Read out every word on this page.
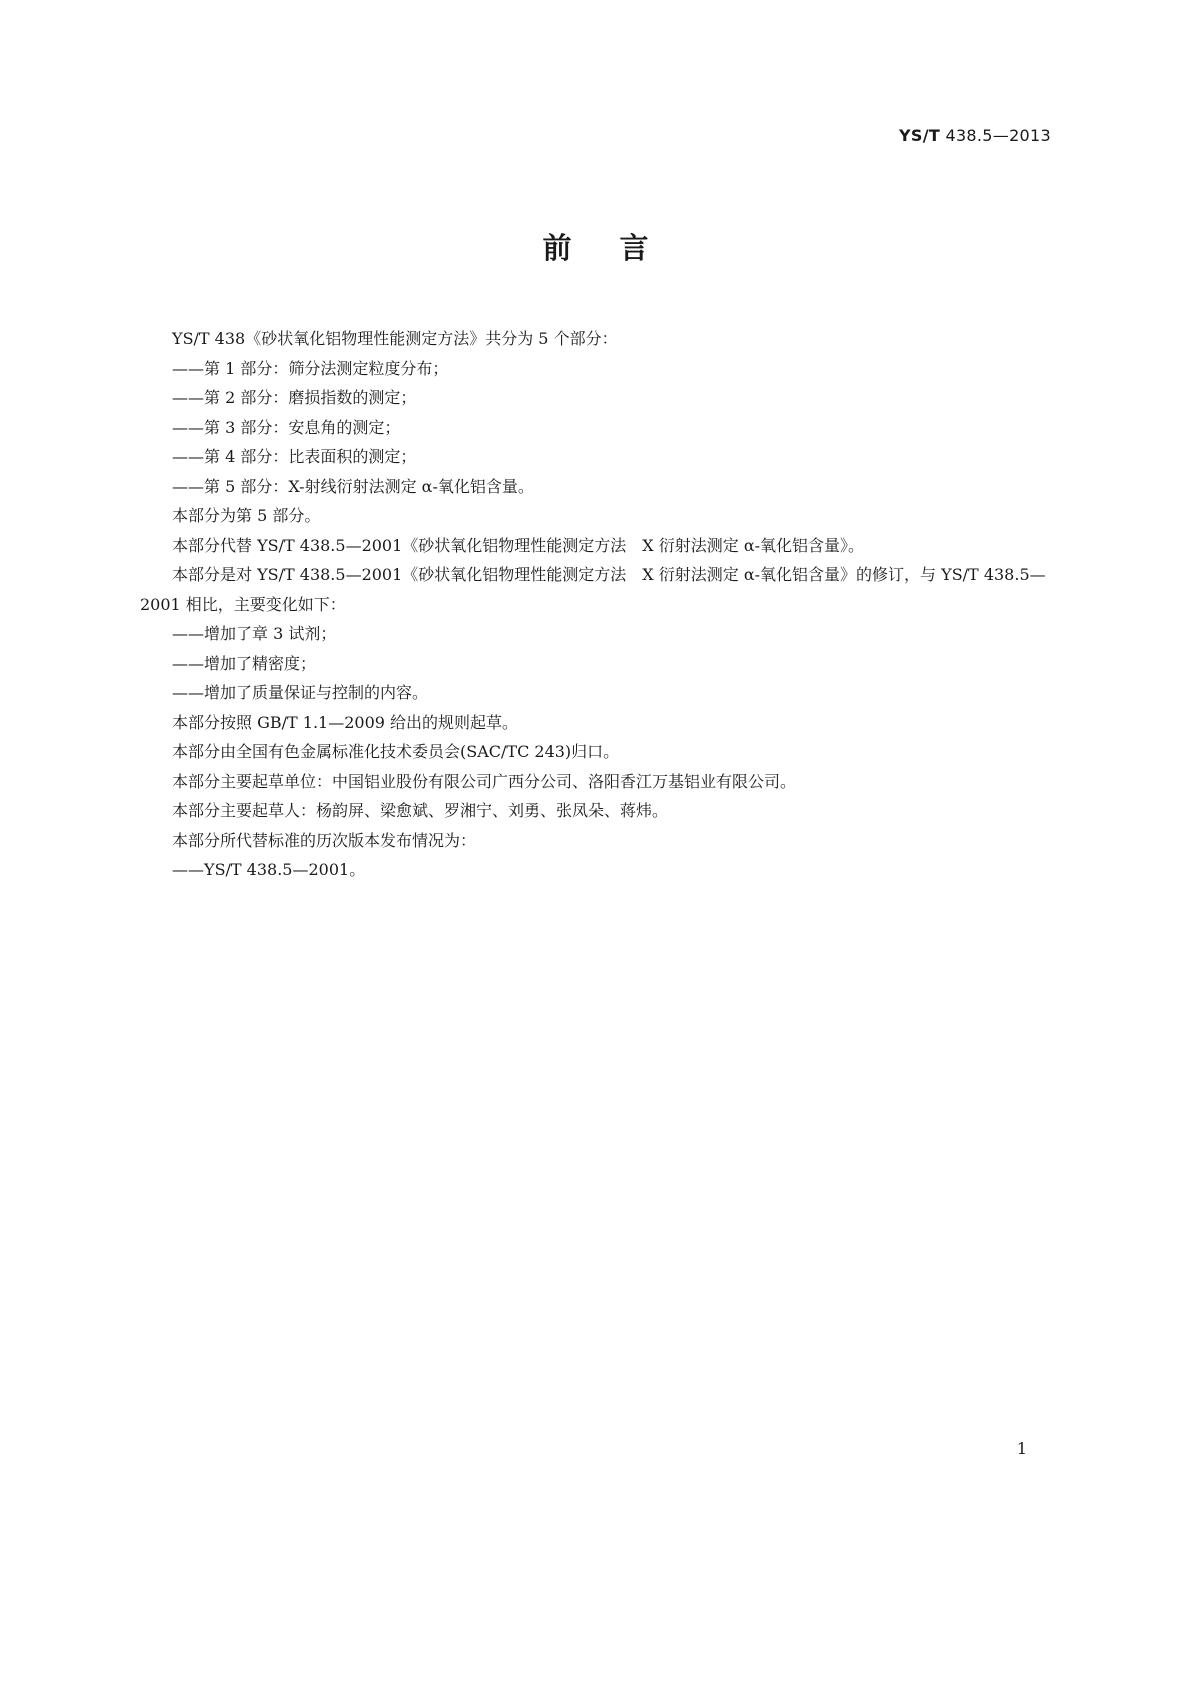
YS/T 438.5—2013
前言

YS/T 438《砂状氧化铝物理性能测定方法》共分为 5 个部分：

——第 1 部分：筛分法测定粒度分布；

——第 2 部分：磨损指数的测定；

——第 3 部分：安息角的测定；

——第 4 部分：比表面积的测定；

——第 5 部分：X-射线衍射法测定 α-氧化铝含量。

本部分为第 5 部分。

本部分代替 YS/T 438.5—2001《砂状氧化铝物理性能测定方法　X 衍射法测定 α-氧化铝含量》。

本部分是对 YS/T 438.5—2001《砂状氧化铝物理性能测定方法　X 衍射法测定 α-氧化铝含量》的修订，与 YS/T 438.5—2001 相比，主要变化如下：

——增加了章 3 试剂；

——增加了精密度；

——增加了质量保证与控制的内容。

本部分按照 GB/T 1.1—2009 给出的规则起草。

本部分由全国有色金属标准化技术委员会(SAC/TC 243)归口。

本部分主要起草单位：中国铝业股份有限公司广西分公司、洛阳香江万基铝业有限公司。

本部分主要起草人：杨韵屏、梁愈斌、罗湘宁、刘勇、张凤朵、蒋炜。

本部分所代替标准的历次版本发布情况为：

——YS/T 438.5—2001。

1
